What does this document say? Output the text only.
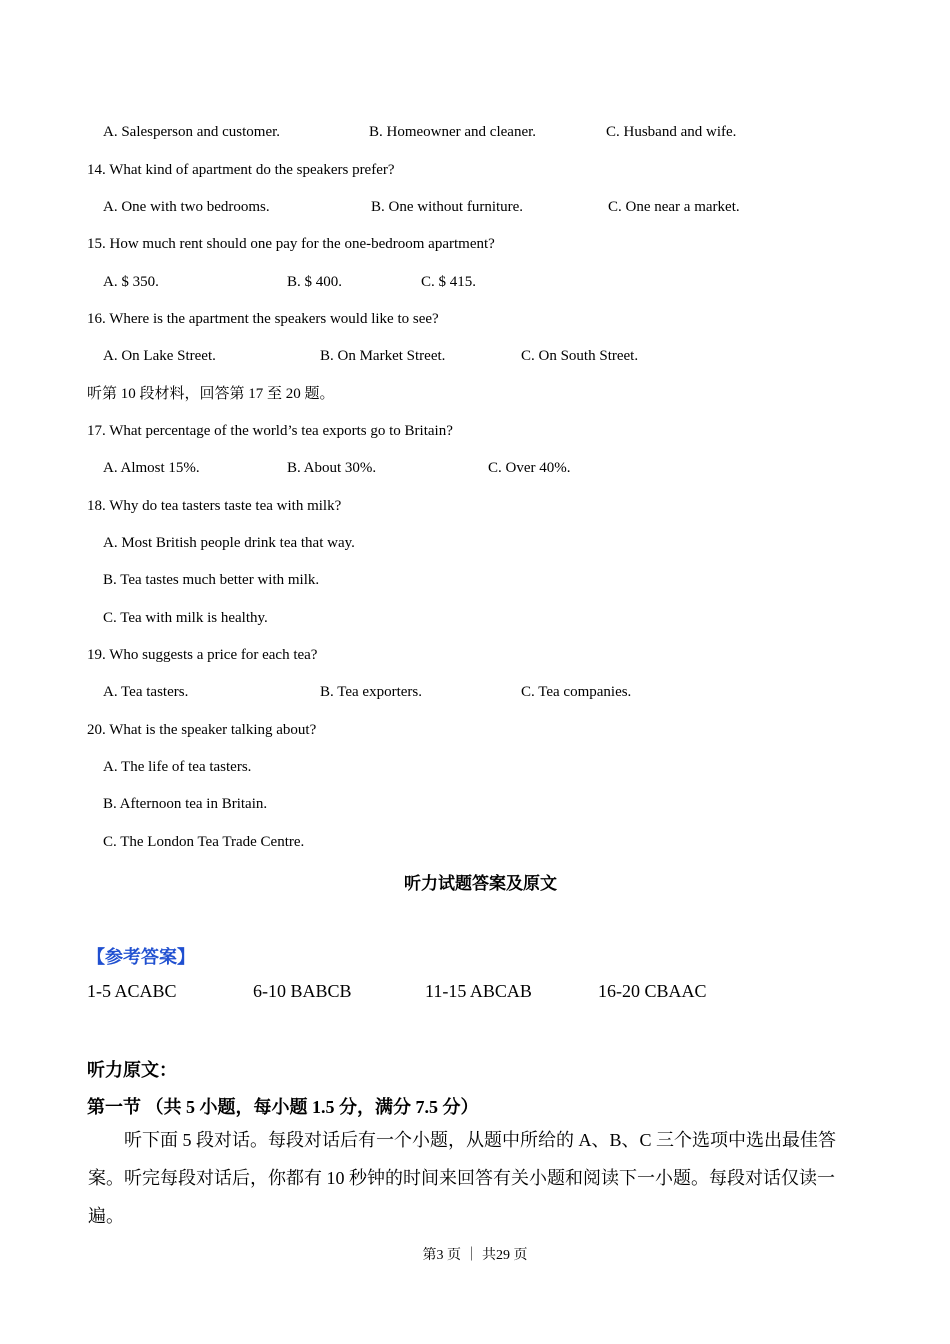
A. Salesperson and customer.	B. Homeowner and cleaner.	C. Husband and wife.
14. What kind of apartment do the speakers prefer?
A. One with two bedrooms.	B. One without furniture.	C. One near a market.
15. How much rent should one pay for the one-bedroom apartment?
A. $ 350.	B. $ 400.	C. $ 415.
16. Where is the apartment the speakers would like to see?
A. On Lake Street.	B. On Market Street.	C. On South Street.
听第 10 段材料，回答第 17 至 20 题。
17. What percentage of the world’s tea exports go to Britain?
A. Almost 15%.	B. About 30%.	C. Over 40%.
18. Why do tea tasters taste tea with milk?
A. Most British people drink tea that way.
B. Tea tastes much better with milk.
C. Tea with milk is healthy.
19. Who suggests a price for each tea?
A. Tea tasters.	B. Tea exporters.	C. Tea companies.
20. What is the speaker talking about?
A. The life of tea tasters.
B. Afternoon tea in Britain.
C. The London Tea Trade Centre.
听力试题答案及原文
【参考答案】
1-5 ACABC	6-10 BABCB	11-15 ABCAB	16-20 CBAAC
听力原文：
第一节 （共 5 小题，每小题 1.5 分，满分 7.5 分）
听下面 5 段对话。每段对话后有一个小题，从题中所给的 A、B、C 三个选项中选出最佳答案。听完每段对话后，你都有 10 秒钟的时间来回答有关小题和阅读下一小题。每段对话仅读一遍。
第3 页 ｜ 共29 页
